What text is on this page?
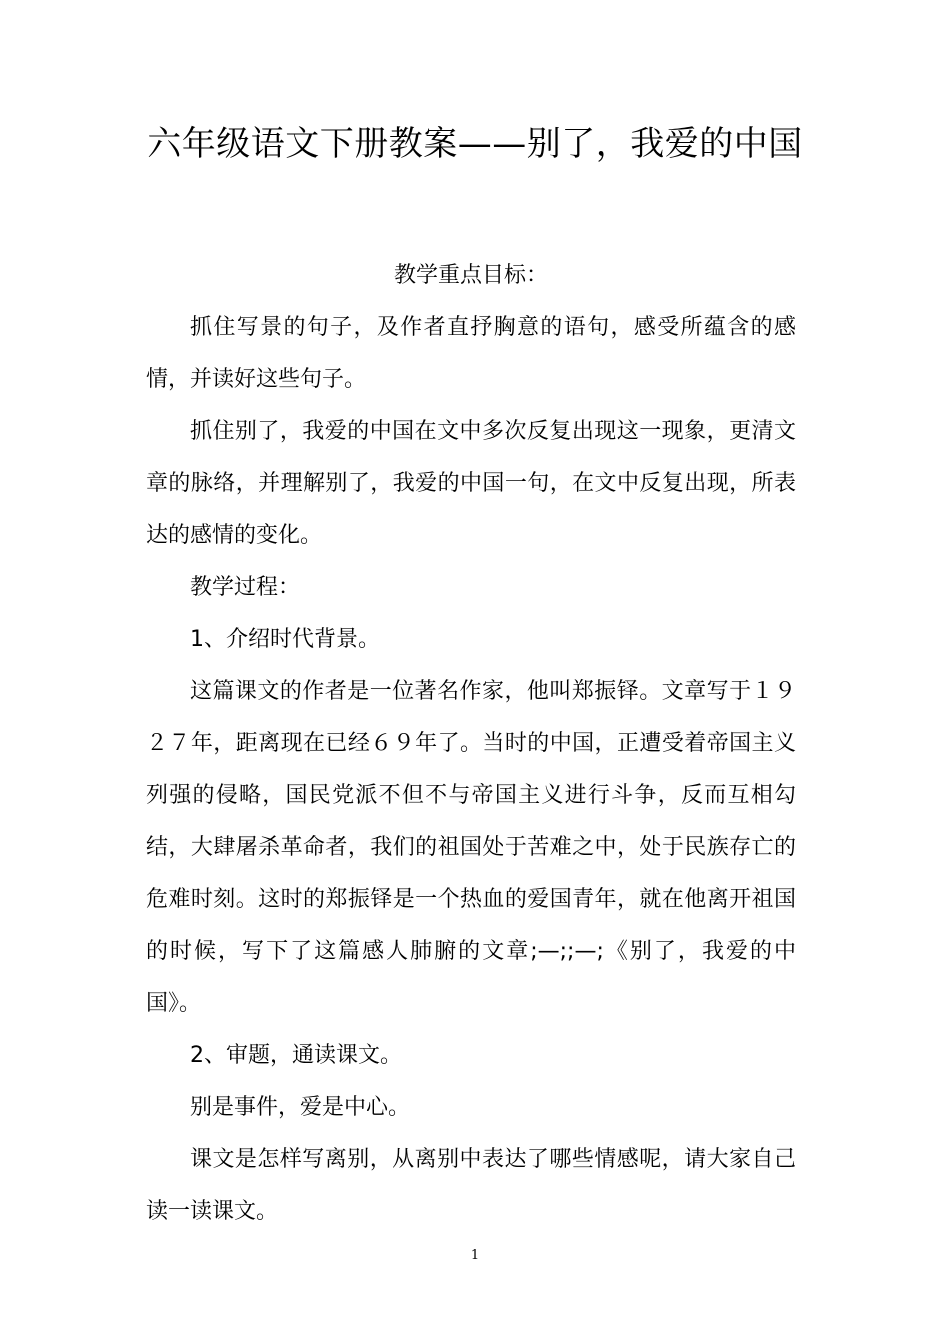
六年级语文下册教案——别了，我爱的中国

教学重点目标：

抓住写景的句子，及作者直抒胸意的语句，感受所蕴含的感情，并读好这些句子。

抓住别了，我爱的中国在文中多次反复出现这一现象，更清文章的脉络，并理解别了，我爱的中国一句，在文中反复出现，所表达的感情的变化。

教学过程：

1、介绍时代背景。

这篇课文的作者是一位著名作家，他叫郑振铎。文章写于１９２７年，距离现在已经６９年了。当时的中国，正遭受着帝国主义列强的侵略，国民党派不但不与帝国主义进行斗争，反而互相勾结，大肆屠杀革命者，我们的祖国处于苦难之中，处于民族存亡的危难时刻。这时的郑振铎是一个热血的爱国青年，就在他离开祖国的时候，写下了这篇感人肺腑的文章;—;;—;《别了，我爱的中国》。

2、审题，通读课文。

别是事件，爱是中心。

课文是怎样写离别，从离别中表达了哪些情感呢，请大家自己读一读课文。

1
